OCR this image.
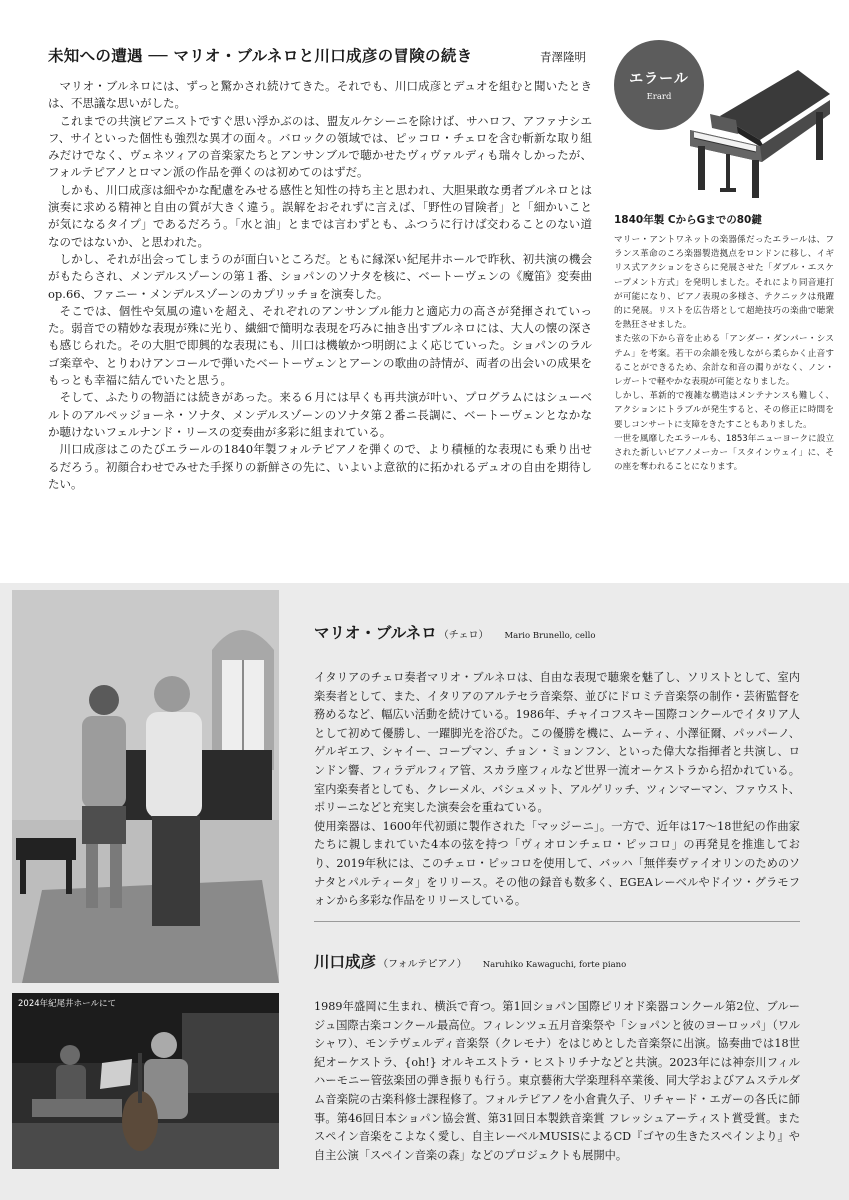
未知への遭遇 ── マリオ・ブルネロと川口成彦の冒険の続き	青澤隆明

マリオ・ブルネロには、ずっと驚かされ続けてきた。それでも、川口成彦とデュオを組むと聞いたときは、不思議な思いがした。

これまでの共演ピアニストですぐ思い浮かぶのは、盟友ルケシーニを除けば、サハロフ、アファナシエフ、サイといった個性も強烈な異才の面々。バロックの領域では、ピッコロ・チェロを含む斬新な取り組みだけでなく、ヴェネツィアの音楽家たちとアンサンブルで聴かせたヴィヴァルディも瑞々しかったが、フォルテピアノとロマン派の作品を弾くのは初めてのはずだ。

しかも、川口成彦は細やかな配慮をみせる感性と知性の持ち主と思われ、大胆果敢な勇者ブルネロとは演奏に求める精神と自由の質が大きく違う。誤解をおそれずに言えば、「野性の冒険者」と「細かいことが気になるタイプ」であるだろう。「水と油」とまでは言わずとも、ふつうに行けば交わることのない道なのではないか、と思われた。

しかし、それが出会ってしまうのが面白いところだ。ともに縁深い紀尾井ホールで昨秋、初共演の機会がもたらされ、メンデルスゾーンの第１番、ショパンのソナタを核に、ベートーヴェンの《魔笛》変奏曲op.66、ファニー・メンデルスゾーンのカプリッチョを演奏した。

そこでは、個性や気風の違いを超え、それぞれのアンサンブル能力と適応力の高さが発揮されていった。弱音での精妙な表現が殊に光り、繊細で簡明な表現を巧みに抽き出すブルネロには、大人の懐の深さも感じられた。その大胆で即興的な表現にも、川口は機敏かつ明朗によく応じていった。ショパンのラルゴ楽章や、とりわけアンコールで弾いたベートーヴェンとアーンの歌曲の詩情が、両者の出会いの成果をもっとも幸福に結んでいたと思う。

そして、ふたりの物語には続きがあった。来る６月には早くも再共演が叶い、プログラムにはシューベルトのアルペッジョーネ・ソナタ、メンデルスゾーンのソナタ第２番ニ長調に、ベートーヴェンとなかなか聴けないフェルナンド・リースの変奏曲が多彩に組まれている。

川口成彦はこのたびエラールの1840年製フォルテピアノを弾くので、より積極的な表現にも乗り出せるだろう。初顔合わせでみせた手探りの新鮮さの先に、いよいよ意欲的に拓かれるデュオの自由を期待したい。

エラール
Erard
1840年製 CからGまでの80鍵

マリー・アントワネットの楽器係だったエラールは、フランス革命のころ楽器製造拠点をロンドンに移し、イギリス式アクションをさらに発展させた「ダブル・エスケープメント方式」を発明しました。それにより同音連打が可能になり、ピアノ表現の多様さ、テクニックは飛躍的に発展。リストを広告塔として超絶技巧の楽曲で聴衆を熱狂させました。

また弦の下から音を止める「アンダー・ダンパー・システム」を考案。若干の余韻を残しながら柔らかく止音することができるため、余計な和音の濁りがなく、ノン・レガートで軽やかな表現が可能となりました。

しかし、革新的で複雑な構造はメンテナンスも難しく、アクションにトラブルが発生すると、その修正に時間を要しコンサートに支障をきたすこともありました。

一世を風靡したエラールも、1853年ニューヨークに設立された新しいピアノメーカー「スタインウェイ」に、その座を奪われることになります。

2024年紀尾井ホールにて
マリオ・ブルネロ （チェロ） Mario Brunello, cello

イタリアのチェロ奏者マリオ・ブルネロは、自由な表現で聴衆を魅了し、ソリストとして、室内楽奏者として、また、イタリアのアルテセラ音楽祭、並びにドロミテ音楽祭の制作・芸術監督を務めるなど、幅広い活動を続けている。1986年、チャイコフスキー国際コンクールでイタリア人として初めて優勝し、一躍脚光を浴びた。この優勝を機に、ムーティ、小澤征爾、パッパーノ、ゲルギエフ、シャイー、コープマン、チョン・ミョンフン、といった偉大な指揮者と共演し、ロンドン響、フィラデルフィア管、スカラ座フィルなど世界一流オーケストラから招かれている。室内楽奏者としても、クレーメル、バシュメット、アルゲリッチ、ツィンマーマン、ファウスト、ポリーニなどと充実した演奏会を重ねている。

使用楽器は、1600年代初頭に製作された「マッジーニ」。一方で、近年は17〜18世紀の作曲家たちに親しまれていた4本の弦を持つ「ヴィオロンチェロ・ピッコロ」の再発見を推進しており、2019年秋には、このチェロ・ピッコロを使用して、バッハ「無伴奏ヴァイオリンのためのソナタとパルティータ」をリリース。その他の録音も数多く、EGEAレーベルやドイツ・グラモフォンから多彩な作品をリリースしている。

川口成彦 （フォルテピアノ） Naruhiko Kawaguchi, forte piano

1989年盛岡に生まれ、横浜で育つ。第1回ショパン国際ピリオド楽器コンクール第2位、ブルージュ国際古楽コンクール最高位。フィレンツェ五月音楽祭や「ショパンと彼のヨーロッパ」（ワルシャワ）、モンテヴェルディ音楽祭（クレモナ）をはじめとした音楽祭に出演。協奏曲では18世紀オーケストラ、{oh!} オルキエストラ・ヒストリチナなどと共演。2023年には神奈川フィルハーモニー管弦楽団の弾き振りも行う。東京藝術大学楽理科卒業後、同大学およびアムステルダム音楽院の古楽科修士課程修了。フォルテピアノを小倉貴久子、リチャード・エガーの各氏に師事。第46回日本ショパン協会賞、第31回日本製鉄音楽賞 フレッシュアーティスト賞受賞。またスペイン音楽をこよなく愛し、自主レーベルMUSISによるCD『ゴヤの生きたスペインより』や自主公演「スペイン音楽の森」などのプロジェクトも展開中。
